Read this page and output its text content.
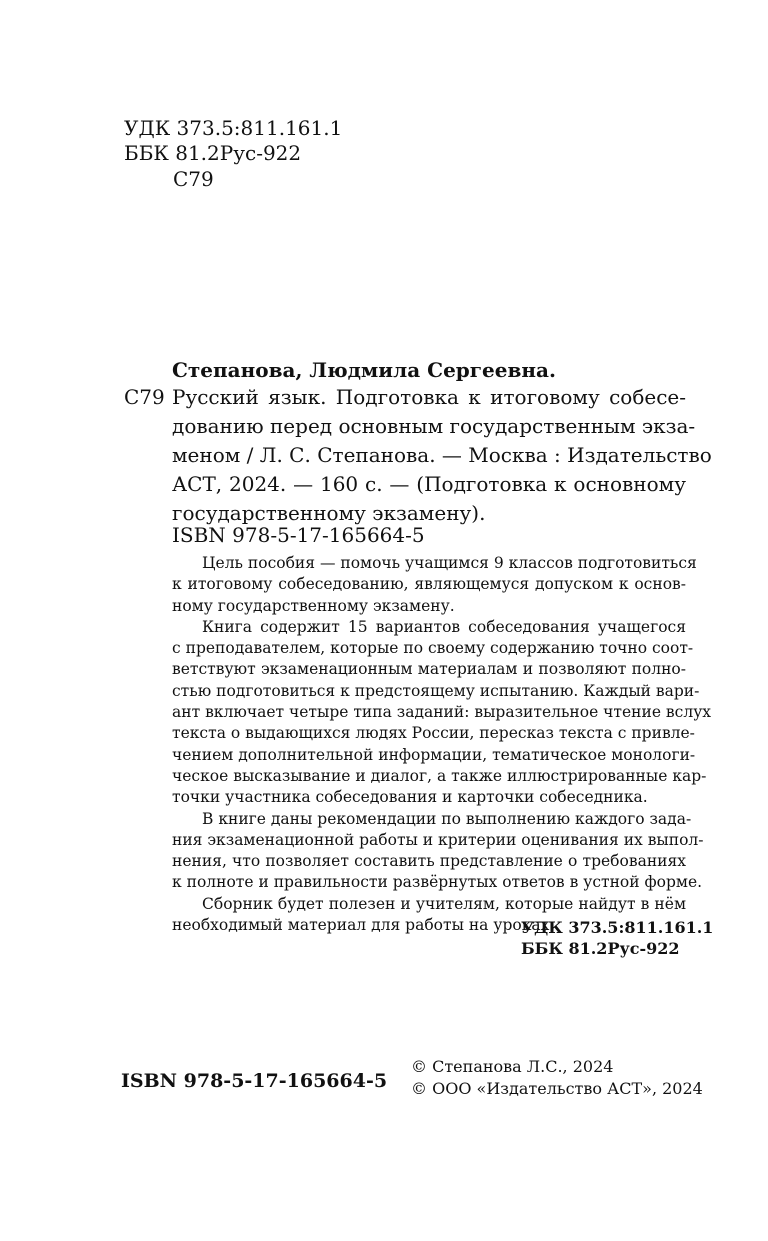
УДК 373.5:811.161.1
ББК 81.2Рус-922
С79
Степанова, Людмила Сергеевна.
С79 Русский язык. Подготовка к итоговому собесе-
дованию перед основным государственным экза-
меном / Л. С. Степанова. — Москва : Издательство
АСТ, 2024. — 160 с. — (Подготовка к основному
государственному экзамену).
ISBN 978-5-17-165664-5
Цель пособия — помочь учащимся 9 классов подготовиться
к итоговому собеседованию, являющемуся допуском к основ-
ному государственному экзамену.
Книга содержит 15 вариантов собеседования учащегося
с преподавателем, которые по своему содержанию точно соот-
ветствуют экзаменационным материалам и позволяют полно-
стью подготовиться к предстоящему испытанию. Каждый вари-
ант включает четыре типа заданий: выразительное чтение вслух
текста о выдающихся людях России, пересказ текста с привле-
чением дополнительной информации, тематическое монологи-
ческое высказывание и диалог, а также иллюстрированные кар-
точки участника собеседования и карточки собеседника.
В книге даны рекомендации по выполнению каждого зада-
ния экзаменационной работы и критерии оценивания их выпол-
нения, что позволяет составить представление о требованиях
к полноте и правильности развёрнутых ответов в устной форме.
Сборник будет полезен и учителям, которые найдут в нём
необходимый материал для работы на уроках.
УДК 373.5:811.161.1
ББК 81.2Рус-922
ISBN 978-5-17-165664-5
© Степанова Л.С., 2024
© ООО «Издательство АСТ», 2024
